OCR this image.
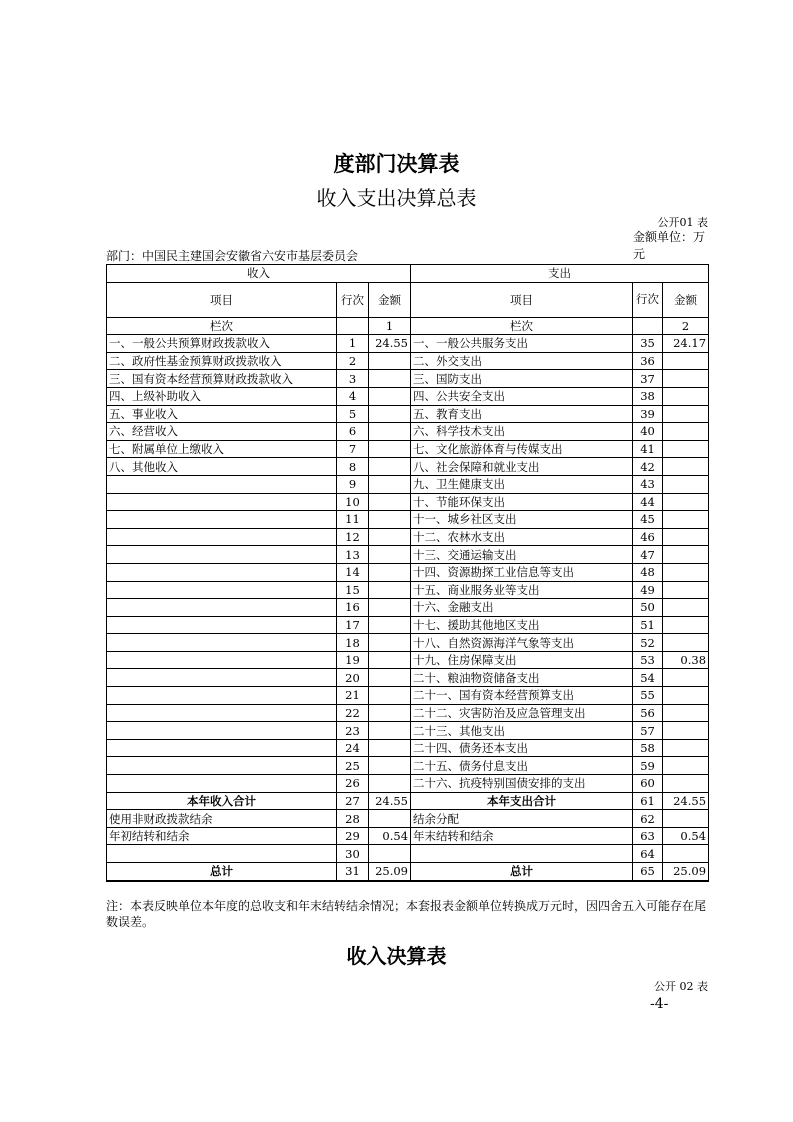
度部门决算表
收入支出决算总表
公开01 表
金额单位：万元
部门：中国民主建国会安徽省六安市基层委员会
收入			支出		
项目	行次	金额	项目	行次	金额
栏次		1	栏次		2
一、一般公共预算财政拨款收入	1	24.55	一、一般公共服务支出	35	24.17
二、政府性基金预算财政拨款收入	2		二、外交支出	36	
三、国有资本经营预算财政拨款收入	3		三、国防支出	37	
四、上级补助收入	4		四、公共安全支出	38	
五、事业收入	5		五、教育支出	39	
六、经营收入	6		六、科学技术支出	40	
七、附属单位上缴收入	7		七、文化旅游体育与传媒支出	41	
八、其他收入	8		八、社会保障和就业支出	42	
	9		九、卫生健康支出	43	
	10		十、节能环保支出	44	
	11		十一、城乡社区支出	45	
	12		十二、农林水支出	46	
	13		十三、交通运输支出	47	
	14		十四、资源勘探工业信息等支出	48	
	15		十五、商业服务业等支出	49	
	16		十六、金融支出	50	
	17		十七、援助其他地区支出	51	
	18		十八、自然资源海洋气象等支出	52	
	19		十九、住房保障支出	53	0.38
	20		二十、粮油物资储备支出	54	
	21		二十一、国有资本经营预算支出	55	
	22		二十二、灾害防治及应急管理支出	56	
	23		二十三、其他支出	57	
	24		二十四、债务还本支出	58	
	25		二十五、债务付息支出	59	
	26		二十六、抗疫特别国债安排的支出	60	
本年收入合计	27	24.55	本年支出合计	61	24.55
使用非财政拨款结余	28		结余分配	62	
年初结转和结余	29	0.54	年末结转和结余	63	0.54
	30			64	
总计	31	25.09	总计	65	25.09
注：本表反映单位本年度的总收支和年末结转结余情况；本套报表金额单位转换成万元时，因四舍五入可能存在尾数误差。
收入决算表
公开 02 表
-4-
